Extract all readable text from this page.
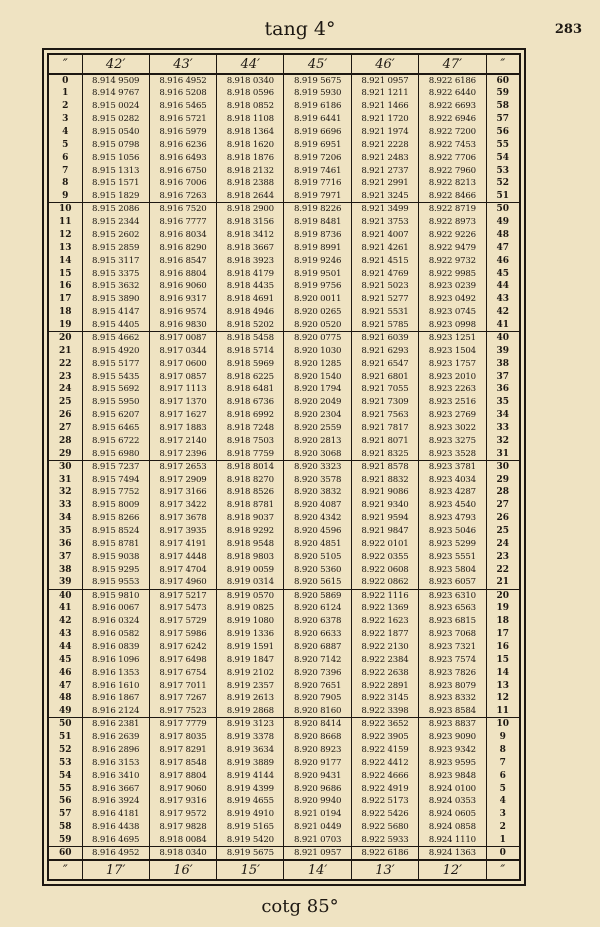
tang 4°	283
″	42′	43′	44′	45′	46′	47′	″
0	8.914 9509	8.916 4952	8.918 0340	8.919 5675	8.921 0957	8.922 6186	60
1	8.914 9767	8.916 5208	8.918 0596	8.919 5930	8.921 1211	8.922 6440	59
2	8.915 0024	8.916 5465	8.918 0852	8.919 6186	8.921 1466	8.922 6693	58
3	8.915 0282	8.916 5721	8.918 1108	8.919 6441	8.921 1720	8.922 6946	57
4	8.915 0540	8.916 5979	8.918 1364	8.919 6696	8.921 1974	8.922 7200	56
5	8.915 0798	8.916 6236	8.918 1620	8.919 6951	8.921 2228	8.922 7453	55
6	8.915 1056	8.916 6493	8.918 1876	8.919 7206	8.921 2483	8.922 7706	54
7	8.915 1313	8.916 6750	8.918 2132	8.919 7461	8.921 2737	8.922 7960	53
8	8.915 1571	8.916 7006	8.918 2388	8.919 7716	8.921 2991	8.922 8213	52
9	8.915 1829	8.916 7263	8.918 2644	8.919 7971	8.921 3245	8.922 8466	51
10	8.915 2086	8.916 7520	8.918 2900	8.919 8226	8.921 3499	8.922 8719	50
11	8.915 2344	8.916 7777	8.918 3156	8.919 8481	8.921 3753	8.922 8973	49
12	8.915 2602	8.916 8034	8.918 3412	8.919 8736	8.921 4007	8.922 9226	48
13	8.915 2859	8.916 8290	8.918 3667	8.919 8991	8.921 4261	8.922 9479	47
14	8.915 3117	8.916 8547	8.918 3923	8.919 9246	8.921 4515	8.922 9732	46
15	8.915 3375	8.916 8804	8.918 4179	8.919 9501	8.921 4769	8.922 9985	45
16	8.915 3632	8.916 9060	8.918 4435	8.919 9756	8.921 5023	8.923 0239	44
17	8.915 3890	8.916 9317	8.918 4691	8.920 0011	8.921 5277	8.923 0492	43
18	8.915 4147	8.916 9574	8.918 4946	8.920 0265	8.921 5531	8.923 0745	42
19	8.915 4405	8.916 9830	8.918 5202	8.920 0520	8.921 5785	8.923 0998	41
20	8.915 4662	8.917 0087	8.918 5458	8.920 0775	8.921 6039	8.923 1251	40
21	8.915 4920	8.917 0344	8.918 5714	8.920 1030	8.921 6293	8.923 1504	39
22	8.915 5177	8.917 0600	8.918 5969	8.920 1285	8.921 6547	8.923 1757	38
23	8.915 5435	8.917 0857	8.918 6225	8.920 1540	8.921 6801	8.923 2010	37
24	8.915 5692	8.917 1113	8.918 6481	8.920 1794	8.921 7055	8.923 2263	36
25	8.915 5950	8.917 1370	8.918 6736	8.920 2049	8.921 7309	8.923 2516	35
26	8.915 6207	8.917 1627	8.918 6992	8.920 2304	8.921 7563	8.923 2769	34
27	8.915 6465	8.917 1883	8.918 7248	8.920 2559	8.921 7817	8.923 3022	33
28	8.915 6722	8.917 2140	8.918 7503	8.920 2813	8.921 8071	8.923 3275	32
29	8.915 6980	8.917 2396	8.918 7759	8.920 3068	8.921 8325	8.923 3528	31
30	8.915 7237	8.917 2653	8.918 8014	8.920 3323	8.921 8578	8.923 3781	30
31	8.915 7494	8.917 2909	8.918 8270	8.920 3578	8.921 8832	8.923 4034	29
32	8.915 7752	8.917 3166	8.918 8526	8.920 3832	8.921 9086	8.923 4287	28
33	8.915 8009	8.917 3422	8.918 8781	8.920 4087	8.921 9340	8.923 4540	27
34	8.915 8266	8.917 3678	8.918 9037	8.920 4342	8.921 9594	8.923 4793	26
35	8.915 8524	8.917 3935	8.918 9292	8.920 4596	8.921 9847	8.923 5046	25
36	8.915 8781	8.917 4191	8.918 9548	8.920 4851	8.922 0101	8.923 5299	24
37	8.915 9038	8.917 4448	8.918 9803	8.920 5105	8.922 0355	8.923 5551	23
38	8.915 9295	8.917 4704	8.919 0059	8.920 5360	8.922 0608	8.923 5804	22
39	8.915 9553	8.917 4960	8.919 0314	8.920 5615	8.922 0862	8.923 6057	21
40	8.915 9810	8.917 5217	8.919 0570	8.920 5869	8.922 1116	8.923 6310	20
41	8.916 0067	8.917 5473	8.919 0825	8.920 6124	8.922 1369	8.923 6563	19
42	8.916 0324	8.917 5729	8.919 1080	8.920 6378	8.922 1623	8.923 6815	18
43	8.916 0582	8.917 5986	8.919 1336	8.920 6633	8.922 1877	8.923 7068	17
44	8.916 0839	8.917 6242	8.919 1591	8.920 6887	8.922 2130	8.923 7321	16
45	8.916 1096	8.917 6498	8.919 1847	8.920 7142	8.922 2384	8.923 7574	15
46	8.916 1353	8.917 6754	8.919 2102	8.920 7396	8.922 2638	8.923 7826	14
47	8.916 1610	8.917 7011	8.919 2357	8.920 7651	8.922 2891	8.923 8079	13
48	8.916 1867	8.917 7267	8.919 2613	8.920 7905	8.922 3145	8.923 8332	12
49	8.916 2124	8.917 7523	8.919 2868	8.920 8160	8.922 3398	8.923 8584	11
50	8.916 2381	8.917 7779	8.919 3123	8.920 8414	8.922 3652	8.923 8837	10
51	8.916 2639	8.917 8035	8.919 3378	8.920 8668	8.922 3905	8.923 9090	9
52	8.916 2896	8.917 8291	8.919 3634	8.920 8923	8.922 4159	8.923 9342	8
53	8.916 3153	8.917 8548	8.919 3889	8.920 9177	8.922 4412	8.923 9595	7
54	8.916 3410	8.917 8804	8.919 4144	8.920 9431	8.922 4666	8.923 9848	6
55	8.916 3667	8.917 9060	8.919 4399	8.920 9686	8.922 4919	8.924 0100	5
56	8.916 3924	8.917 9316	8.919 4655	8.920 9940	8.922 5173	8.924 0353	4
57	8.916 4181	8.917 9572	8.919 4910	8.921 0194	8.922 5426	8.924 0605	3
58	8.916 4438	8.917 9828	8.919 5165	8.921 0449	8.922 5680	8.924 0858	2
59	8.916 4695	8.918 0084	8.919 5420	8.921 0703	8.922 5933	8.924 1110	1
60	8.916 4952	8.918 0340	8.919 5675	8.921 0957	8.922 6186	8.924 1363	0
″	17′	16′	15′	14′	13′	12′	″
cotg 85°
